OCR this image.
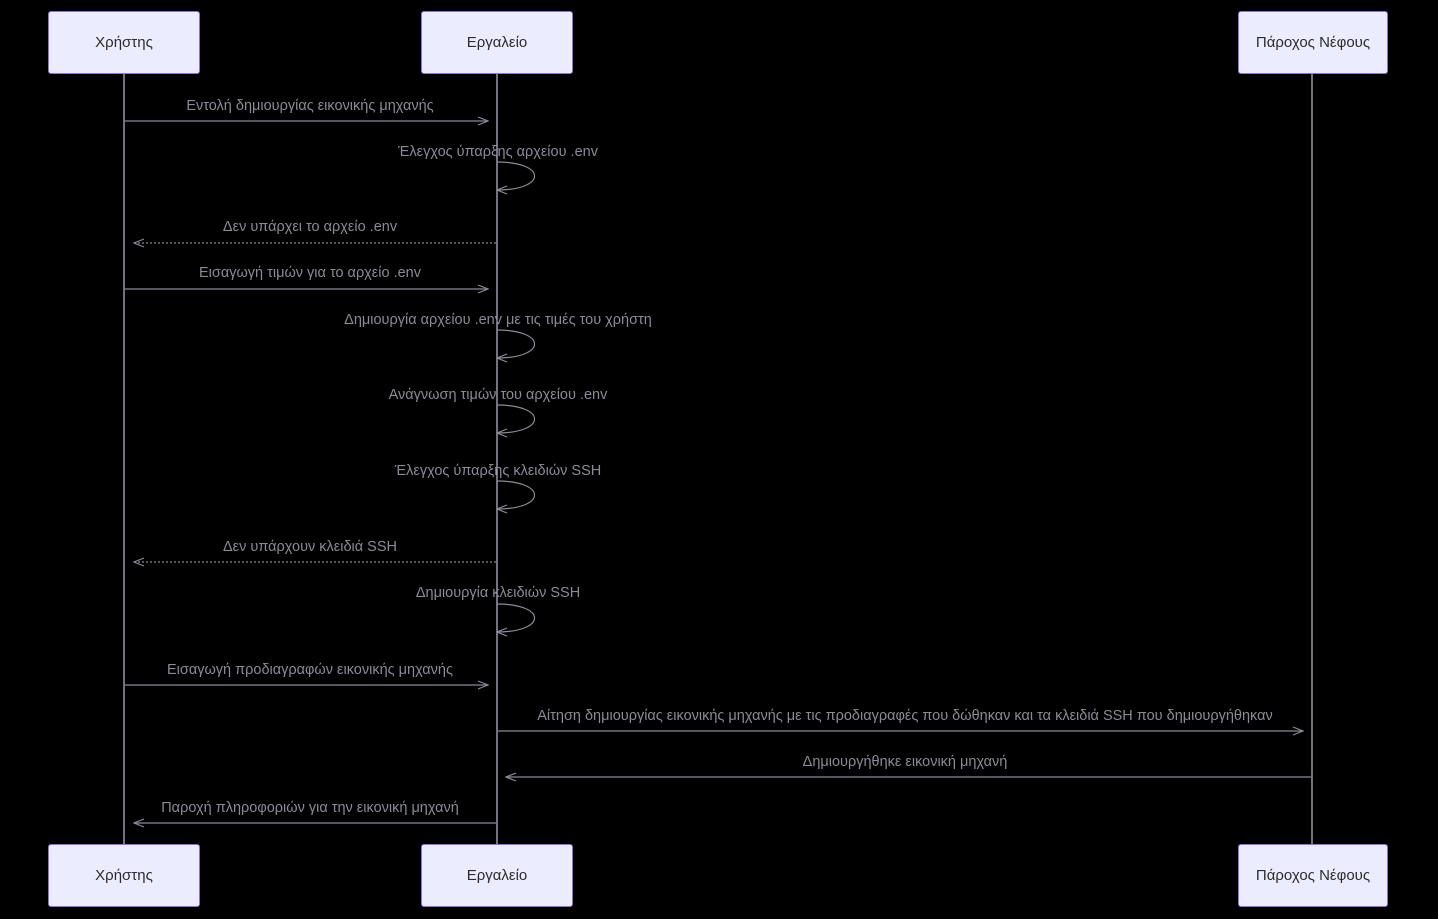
Χρήστης	Εργαλείο	Πάροχος Νέφους
Χρήστης	Εργαλείο	Πάροχος Νέφους
Εντολή δημιουργίας εικονικής μηχανής
Έλεγχος ύπαρξης αρχείου .env
Δεν υπάρχει το αρχείο .env
Εισαγωγή τιμών για το αρχείο .env
Δημιουργία αρχείου .env με τις τιμές του χρήστη
Ανάγνωση τιμών του αρχείου .env
Έλεγχος ύπαρξης κλειδιών SSH
Δεν υπάρχουν κλειδιά SSH
Δημιουργία κλειδιών SSH
Εισαγωγή προδιαγραφών εικονικής μηχανής
Αίτηση δημιουργίας εικονικής μηχανής με τις προδιαγραφές που δώθηκαν και τα κλειδιά SSH που δημιουργήθηκαν
Δημιουργήθηκε εικονική μηχανή
Παροχή πληροφοριών για την εικονική μηχανή
